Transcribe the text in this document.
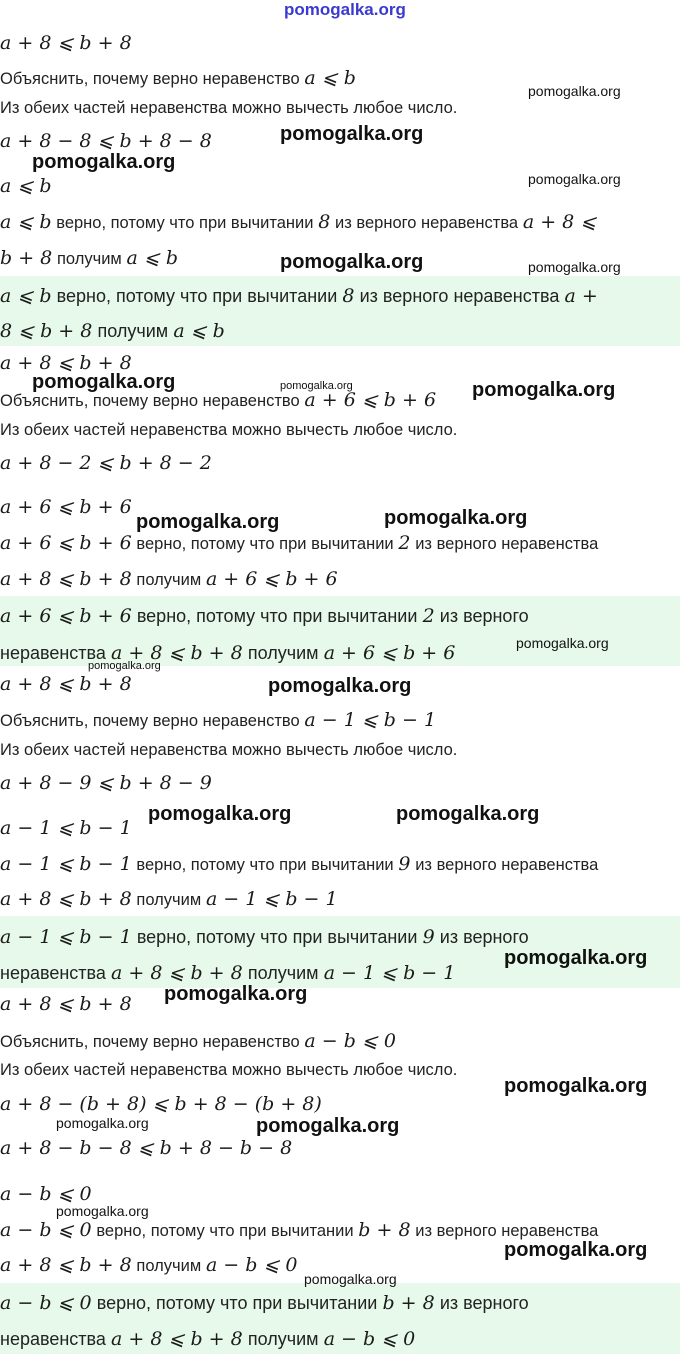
pomogalka.org
a + 8 ⩽ b + 8
Объяснить, почему верно неравенство a ⩽ b
Из обеих частей неравенства можно вычесть любое число.
a + 8 − 8 ⩽ b + 8 − 8
a ⩽ b
a ⩽ b верно, потому что при вычитании 8 из верного неравенства a + 8 ⩽
b + 8 получим a ⩽ b
a ⩽ b верно, потому что при вычитании 8 из верного неравенства a +
8 ⩽ b + 8 получим a ⩽ b
a + 8 ⩽ b + 8
Объяснить, почему верно неравенство a + 6 ⩽ b + 6
Из обеих частей неравенства можно вычесть любое число.
a + 8 − 2 ⩽ b + 8 − 2
a + 6 ⩽ b + 6
a + 6 ⩽ b + 6 верно, потому что при вычитании 2 из верного неравенства
a + 8 ⩽ b + 8 получим a + 6 ⩽ b + 6
a + 6 ⩽ b + 6 верно, потому что при вычитании 2 из верного
неравенства a + 8 ⩽ b + 8 получим a + 6 ⩽ b + 6
a + 8 ⩽ b + 8
Объяснить, почему верно неравенство a − 1 ⩽ b − 1
Из обеих частей неравенства можно вычесть любое число.
a + 8 − 9 ⩽ b + 8 − 9
a − 1 ⩽ b − 1
a − 1 ⩽ b − 1 верно, потому что при вычитании 9 из верного неравенства
a + 8 ⩽ b + 8 получим a − 1 ⩽ b − 1
a − 1 ⩽ b − 1 верно, потому что при вычитании 9 из верного
неравенства a + 8 ⩽ b + 8 получим a − 1 ⩽ b − 1
a + 8 ⩽ b + 8
Объяснить, почему верно неравенство a − b ⩽ 0
Из обеих частей неравенства можно вычесть любое число.
a + 8 − (b + 8) ⩽ b + 8 − (b + 8)
a + 8 − b − 8 ⩽ b + 8 − b − 8
a − b ⩽ 0
a − b ⩽ 0 верно, потому что при вычитании b + 8 из верного неравенства
a + 8 ⩽ b + 8 получим a − b ⩽ 0
a − b ⩽ 0 верно, потому что при вычитании b + 8 из верного
неравенства a + 8 ⩽ b + 8 получим a − b ⩽ 0
pomogalka.org
pomogalka.org
pomogalka.org
pomogalka.org
pomogalka.org	pomogalka.org
pomogalka.org	pomogalka.org	pomogalka.org
pomogalka.org	pomogalka.org
pomogalka.org
pomogalka.org
pomogalka.org
pomogalka.org	pomogalka.org
pomogalka.org
pomogalka.org
pomogalka.org
pomogalka.org	pomogalka.org
pomogalka.org
pomogalka.org
pomogalka.org
